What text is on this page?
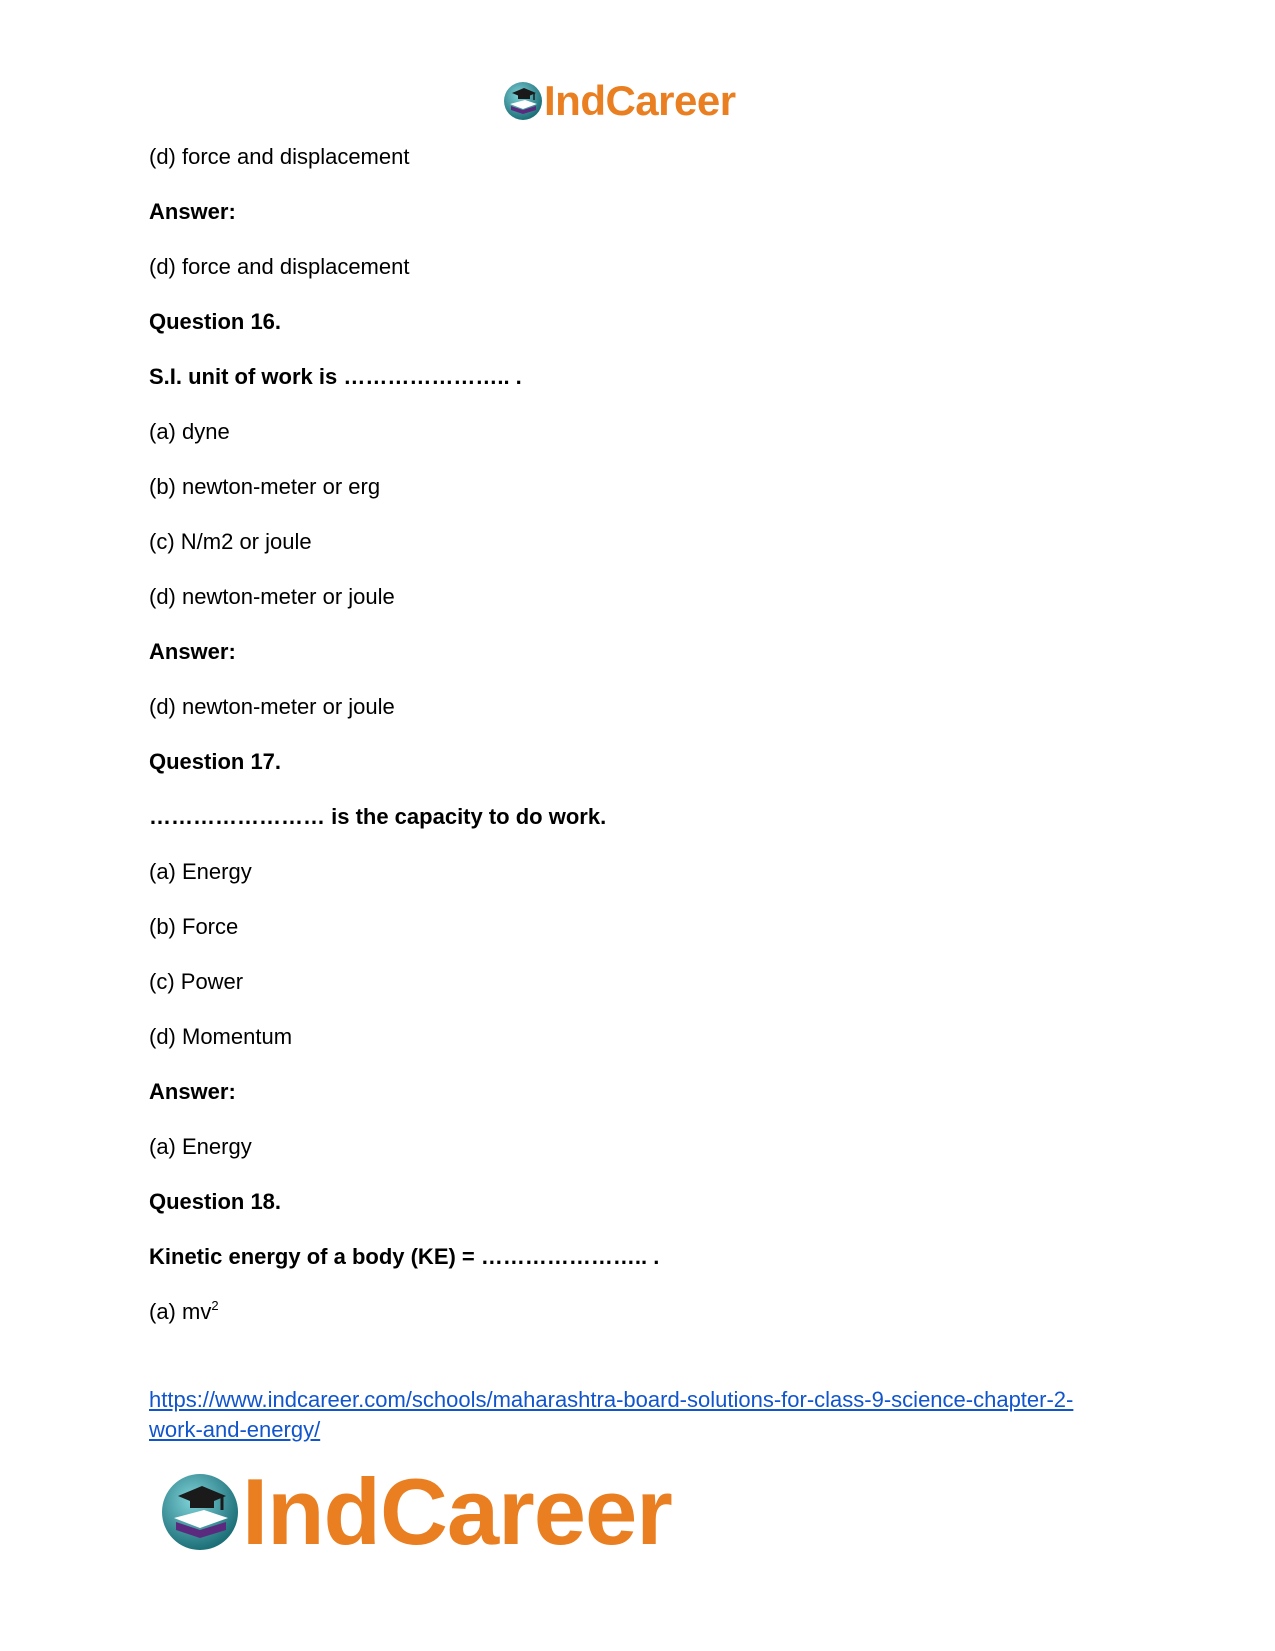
IndCareer
(d) force and displacement
Answer:
(d) force and displacement
Question 16.
S.I. unit of work is ………………….. .
(a) dyne
(b) newton-meter or erg
(c) N/m2 or joule
(d) newton-meter or joule
Answer:
(d) newton-meter or joule
Question 17.
…………………… is the capacity to do work.
(a) Energy
(b) Force
(c) Power
(d) Momentum
Answer:
(a) Energy
Question 18.
Kinetic energy of a body (KE) = ………………….. .
(a) $mv^2$
https://www.indcareer.com/schools/maharashtra-board-solutions-for-class-9-science-chapter-2-
work-and-energy/
IndCareer
